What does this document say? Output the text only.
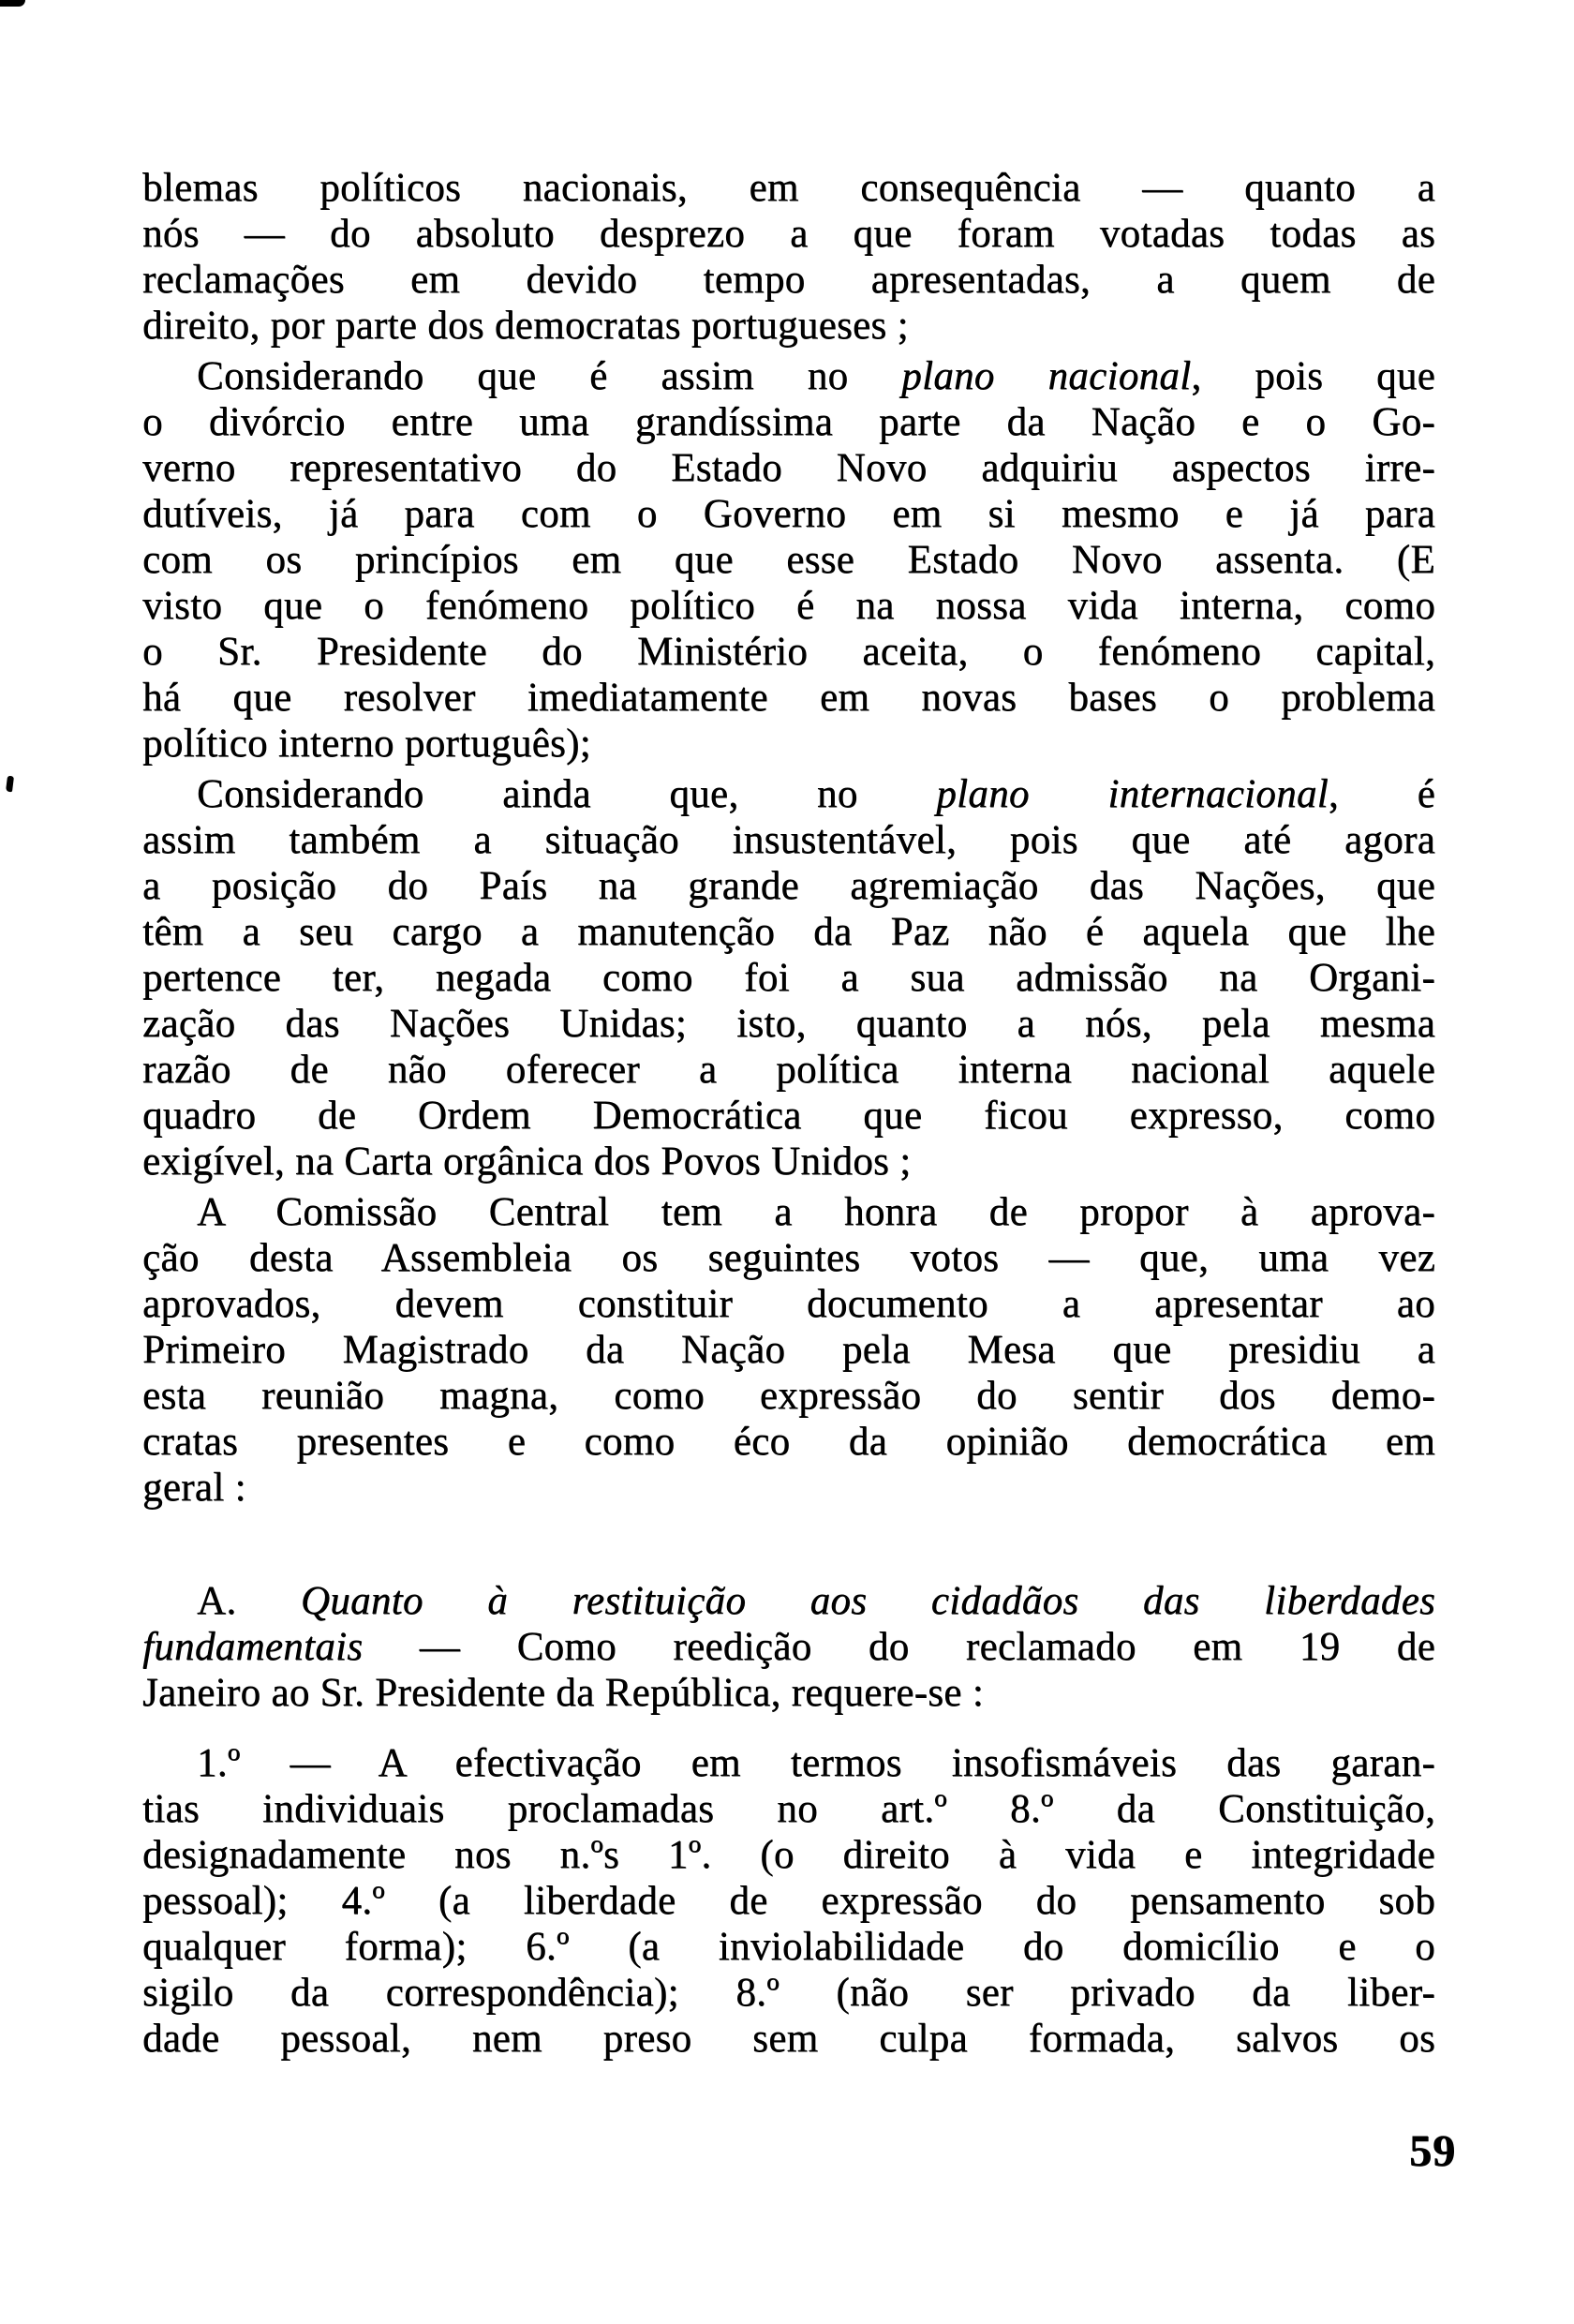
blemas políticos nacionais, em consequência — quanto a
nós — do absoluto desprezo a que foram votadas todas as
reclamações em devido tempo apresentadas, a quem de
direito, por parte dos democratas portugueses ;
Considerando que é assim no plano nacional, pois que
o divórcio entre uma grandíssima parte da Nação e o Go-
verno representativo do Estado Novo adquiriu aspectos irre-
dutíveis, já para com o Governo em si mesmo e já para
com os princípios em que esse Estado Novo assenta. (E
visto que o fenómeno político é na nossa vida interna, como
o Sr. Presidente do Ministério aceita, o fenómeno capital,
há que resolver imediatamente em novas bases o problema
político interno português);
Considerando ainda que, no plano internacional, é
assim também a situação insustentável, pois que até agora
a posição do País na grande agremiação das Nações, que
têm a seu cargo a manutenção da Paz não é aquela que lhe
pertence ter, negada como foi a sua admissão na Organi-
zação das Nações Unidas; isto, quanto a nós, pela mesma
razão de não oferecer a política interna nacional aquele
quadro de Ordem Democrática que ficou expresso, como
exigível, na Carta orgânica dos Povos Unidos ;
A Comissão Central tem a honra de propor à aprova-
ção desta Assembleia os seguintes votos — que, uma vez
aprovados, devem constituir documento a apresentar ao
Primeiro Magistrado da Nação pela Mesa que presidiu a
esta reunião magna, como expressão do sentir dos demo-
cratas presentes e como éco da opinião democrática em
geral :
A. Quanto à restituição aos cidadãos das liberdades
fundamentais — Como reedição do reclamado em 19 de
Janeiro ao Sr. Presidente da República, requere-se :
1.º — A efectivação em termos insofismáveis das garan-
tias individuais proclamadas no art.º 8.º da Constituição,
designadamente nos n.ºs 1º. (o direito à vida e integridade
pessoal); 4.º (a liberdade de expressão do pensamento sob
qualquer forma); 6.º (a inviolabilidade do domicílio e o
sigilo da correspondência); 8.º (não ser privado da liber-
dade pessoal, nem preso sem culpa formada, salvos os
59
